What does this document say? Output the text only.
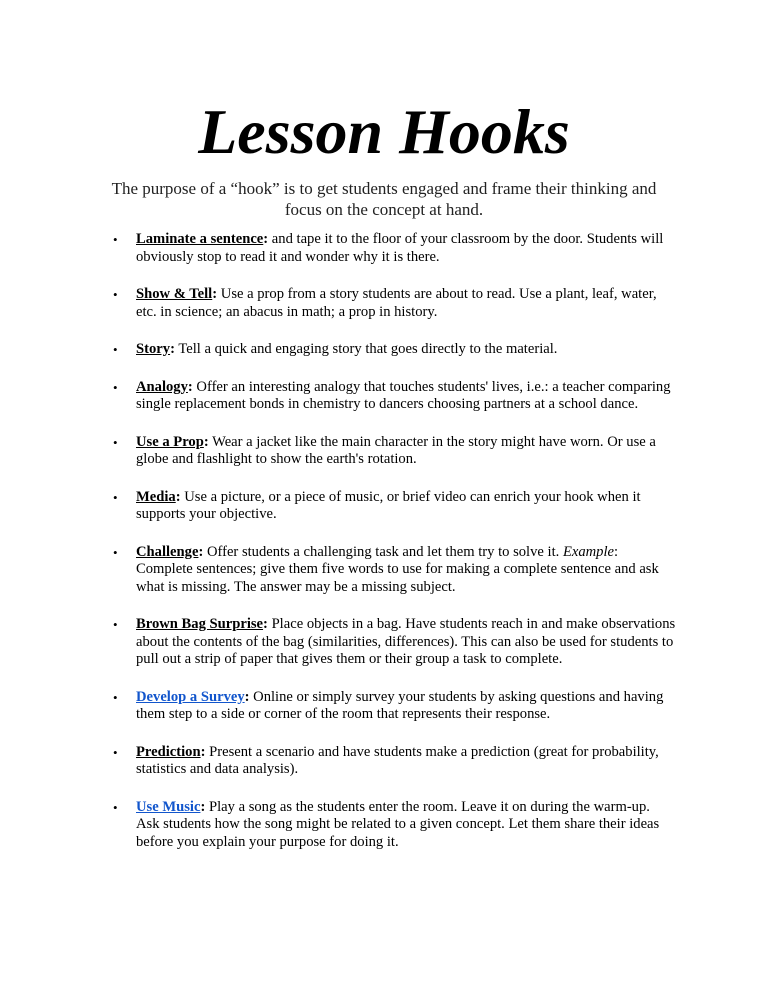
Lesson Hooks

The purpose of a “hook” is to get students engaged and frame their thinking and focus on the concept at hand.

• Laminate a sentence: and tape it to the floor of your classroom by the door. Students will obviously stop to read it and wonder why it is there.
• Show & Tell: Use a prop from a story students are about to read. Use a plant, leaf, water, etc. in science; an abacus in math; a prop in history.
• Story: Tell a quick and engaging story that goes directly to the material.
• Analogy: Offer an interesting analogy that touches students' lives, i.e.: a teacher comparing single replacement bonds in chemistry to dancers choosing partners at a school dance.
• Use a Prop: Wear a jacket like the main character in the story might have worn. Or use a globe and flashlight to show the earth's rotation.
• Media: Use a picture, or a piece of music, or brief video can enrich your hook when it supports your objective.
• Challenge: Offer students a challenging task and let them try to solve it. Example: Complete sentences; give them five words to use for making a complete sentence and ask what is missing. The answer may be a missing subject.
• Brown Bag Surprise: Place objects in a bag. Have students reach in and make observations about the contents of the bag (similarities, differences). This can also be used for students to pull out a strip of paper that gives them or their group a task to complete.
• Develop a Survey: Online or simply survey your students by asking questions and having them step to a side or corner of the room that represents their response.
• Prediction: Present a scenario and have students make a prediction (great for probability, statistics and data analysis).
• Use Music: Play a song as the students enter the room. Leave it on during the warm-up. Ask students how the song might be related to a given concept. Let them share their ideas before you explain your purpose for doing it.
